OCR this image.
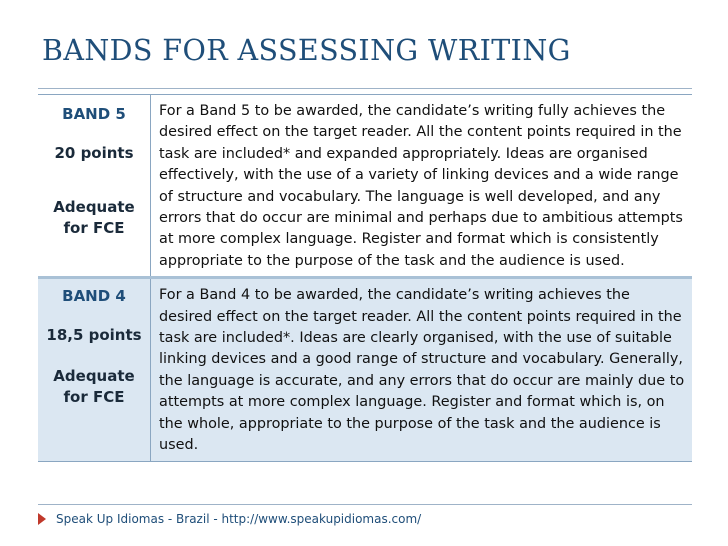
BANDS FOR ASSESSING WRITING
BAND 5
20 points
Adequate
for FCE
For a Band 5 to be awarded, the candidate’s writing fully achieves the desired effect on the target reader. All the content points required in the task are included* and expanded appropriately. Ideas are organised effectively, with the use of a variety of linking devices and a wide range of structure and vocabulary. The language is well developed, and any errors that do occur are minimal and perhaps due to ambitious attempts at more complex language. Register and format which is consistently appropriate to the purpose of the task and the audience is used.
BAND 4
18,5 points
Adequate
for FCE
For a Band 4 to be awarded, the candidate’s writing achieves the desired effect on the target reader. All the content points required in the task are included*. Ideas are clearly organised, with the use of suitable linking devices and a good range of structure and vocabulary. Generally, the language is accurate, and any errors that do occur are mainly due to attempts at more complex language. Register and format which is, on the whole, appropriate to the purpose of the task and the audience is used.
Speak Up Idiomas - Brazil - http://www.speakupidiomas.com/
